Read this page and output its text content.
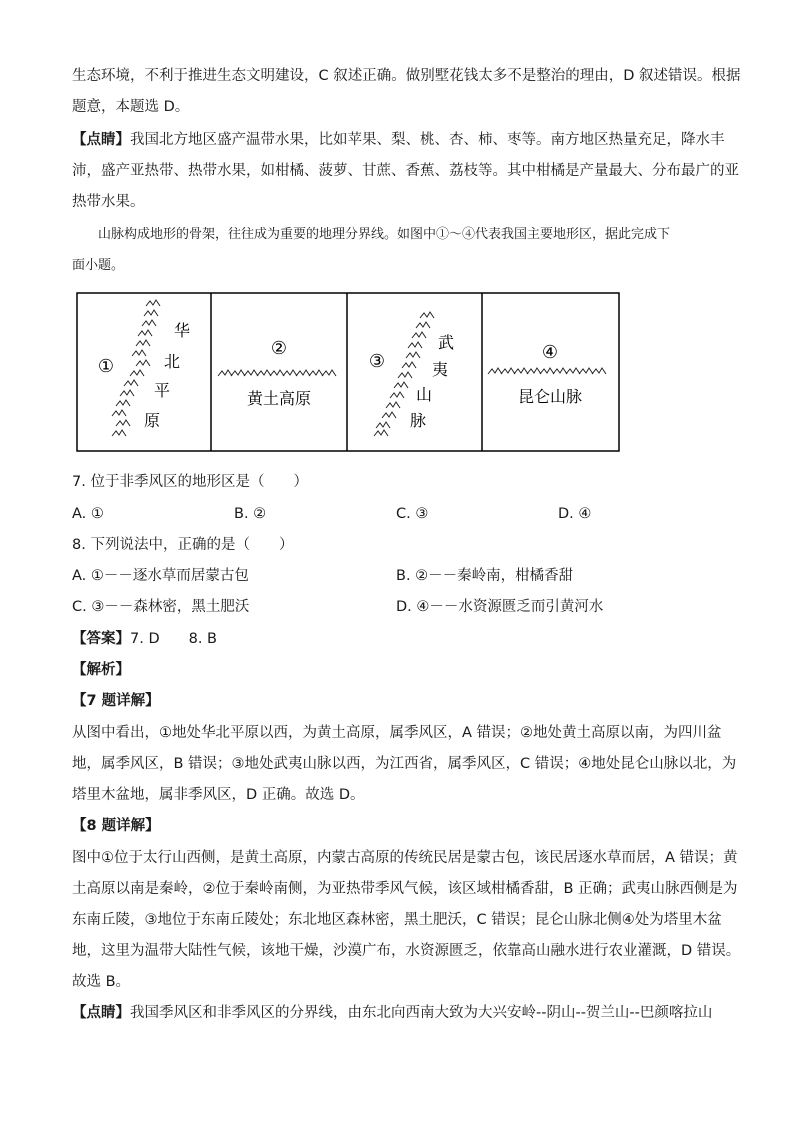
生态环境，不利于推进生态文明建设，C 叙述正确。做别墅花钱太多不是整治的理由，D 叙述错误。根据
题意，本题选 D。
【点睛】我国北方地区盛产温带水果，比如苹果、梨、桃、杏、柿、枣等。南方地区热量充足，降水丰
沛，盛产亚热带、热带水果，如柑橘、菠萝、甘蔗、香蕉、荔枝等。其中柑橘是产量最大、分布最广的亚
热带水果。
山脉构成地形的骨架，往往成为重要的地理分界线。如图中①～④代表我国主要地形区，据此完成下
面小题。
①
华
北
平
原
②
黄土高原
③
武
夷
山
脉
④
昆仑山脉
7. 位于非季风区的地形区是（　　）
A. ①	B. ②	C. ③	D. ④
8. 下列说法中，正确的是（　　）
A. ①－－逐水草而居蒙古包	B. ②－－秦岭南，柑橘香甜
C. ③－－森林密，黑土肥沃	D. ④－－水资源匮乏而引黄河水
【答案】7. D　　8. B
【解析】
【7 题详解】
从图中看出，①地处华北平原以西，为黄土高原，属季风区，A 错误；②地处黄土高原以南，为四川盆
地，属季风区，B 错误；③地处武夷山脉以西，为江西省，属季风区，C 错误；④地处昆仑山脉以北，为
塔里木盆地，属非季风区，D 正确。故选 D。
【8 题详解】
图中①位于太行山西侧，是黄土高原，内蒙古高原的传统民居是蒙古包，该民居逐水草而居，A 错误；黄
土高原以南是秦岭，②位于秦岭南侧，为亚热带季风气候，该区域柑橘香甜，B 正确；武夷山脉西侧是为
东南丘陵，③地位于东南丘陵处；东北地区森林密，黑土肥沃，C 错误；昆仑山脉北侧④处为塔里木盆
地，这里为温带大陆性气候，该地干燥，沙漠广布，水资源匮乏，依靠高山融水进行农业灌溉，D 错误。
故选 B。
【点睛】我国季风区和非季风区的分界线，由东北向西南大致为大兴安岭--阴山--贺兰山--巴颜喀拉山
